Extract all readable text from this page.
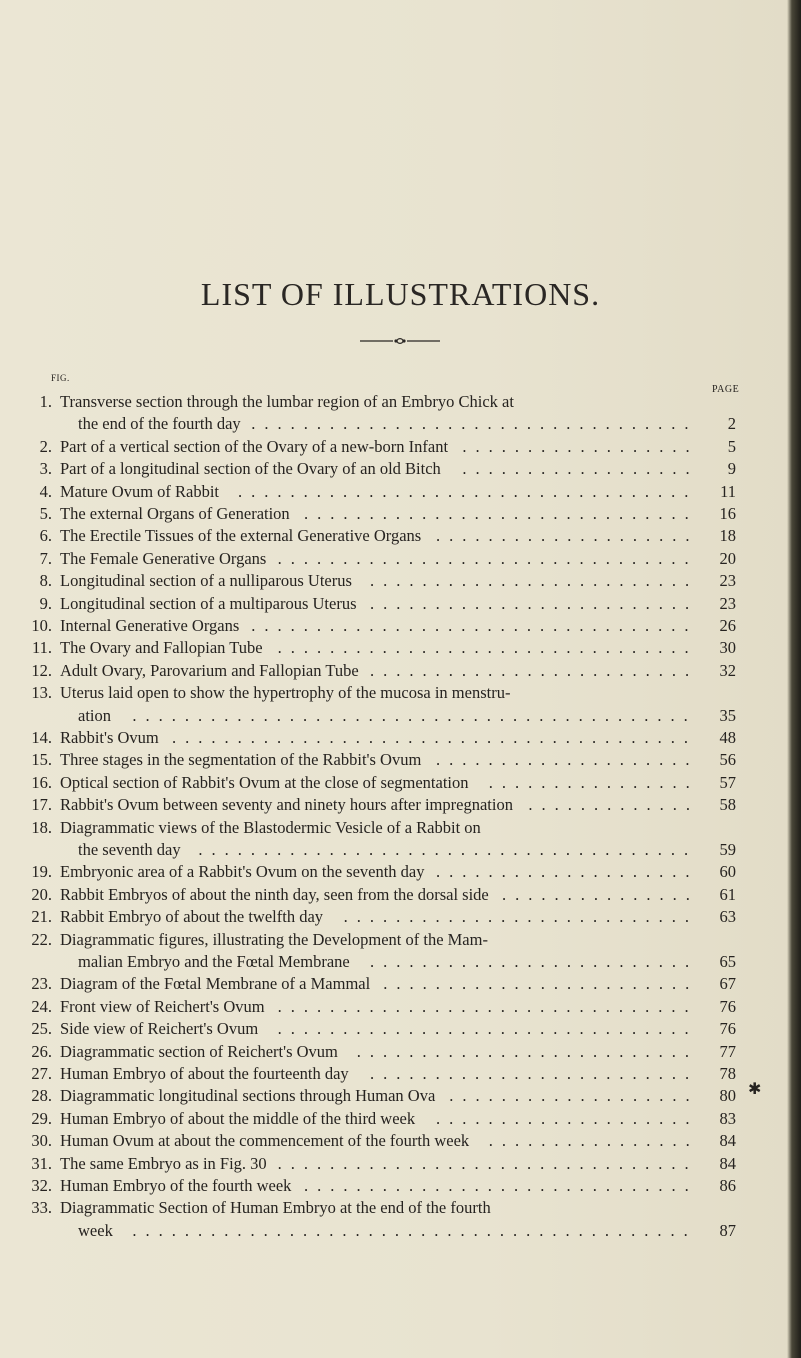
LIST OF ILLUSTRATIONS.
FIG.
PAGE
1. Transverse section through the lumbar region of an Embryo Chick at
the end of the fourth day ..................................	2
2. Part of a vertical section of the Ovary of a new-born Infant ..................	5
3. Part of a longitudinal section of the Ovary of an old Bitch ..................	9
4. Mature Ovum of Rabbit ...................................	11
5. The external Organs of Generation ..............................	16
6. The Erectile Tissues of the external Generative Organs ....................	18
7. The Female Generative Organs ................................	20
8. Longitudinal section of a nulliparous Uterus .........................	23
9. Longitudinal section of a multiparous Uterus .........................	23
10. Internal Generative Organs ..................................	26
11. The Ovary and Fallopian Tube ................................	30
12. Adult Ovary, Parovarium and Fallopian Tube .........................	32
13. Uterus laid open to show the hypertrophy of the mucosa in menstru-
ation ...........................................	35
14. Rabbit's Ovum ........................................	48
15. Three stages in the segmentation of the Rabbit's Ovum ....................	56
16. Optical section of Rabbit's Ovum at the close of segmentation ................	57
17. Rabbit's Ovum between seventy and ninety hours after impregnation .............	58
18. Diagrammatic views of the Blastodermic Vesicle of a Rabbit on
the seventh day ......................................	59
19. Embryonic area of a Rabbit's Ovum on the seventh day ....................	60
20. Rabbit Embryos of about the ninth day, seen from the dorsal side ...............	61
21. Rabbit Embryo of about the twelfth day ...........................	63
22. Diagrammatic figures, illustrating the Development of the Mam-
malian Embryo and the Fœtal Membrane .........................	65
23. Diagram of the Fœtal Membrane of a Mammal ........................	67
24. Front view of Reichert's Ovum ................................	76
25. Side view of Reichert's Ovum ................................	76
26. Diagrammatic section of Reichert's Ovum ..........................	77
27. Human Embryo of about the fourteenth day .........................	78
28. Diagrammatic longitudinal sections through Human Ova ...................	80
29. Human Embryo of about the middle of the third week ....................	83
30. Human Ovum at about the commencement of the fourth week ................	84
31. The same Embryo as in Fig. 30 ................................	84
32. Human Embryo of the fourth week ..............................	86
33. Diagrammatic Section of Human Embryo at the end of the fourth
week ...........................................	87
✱
